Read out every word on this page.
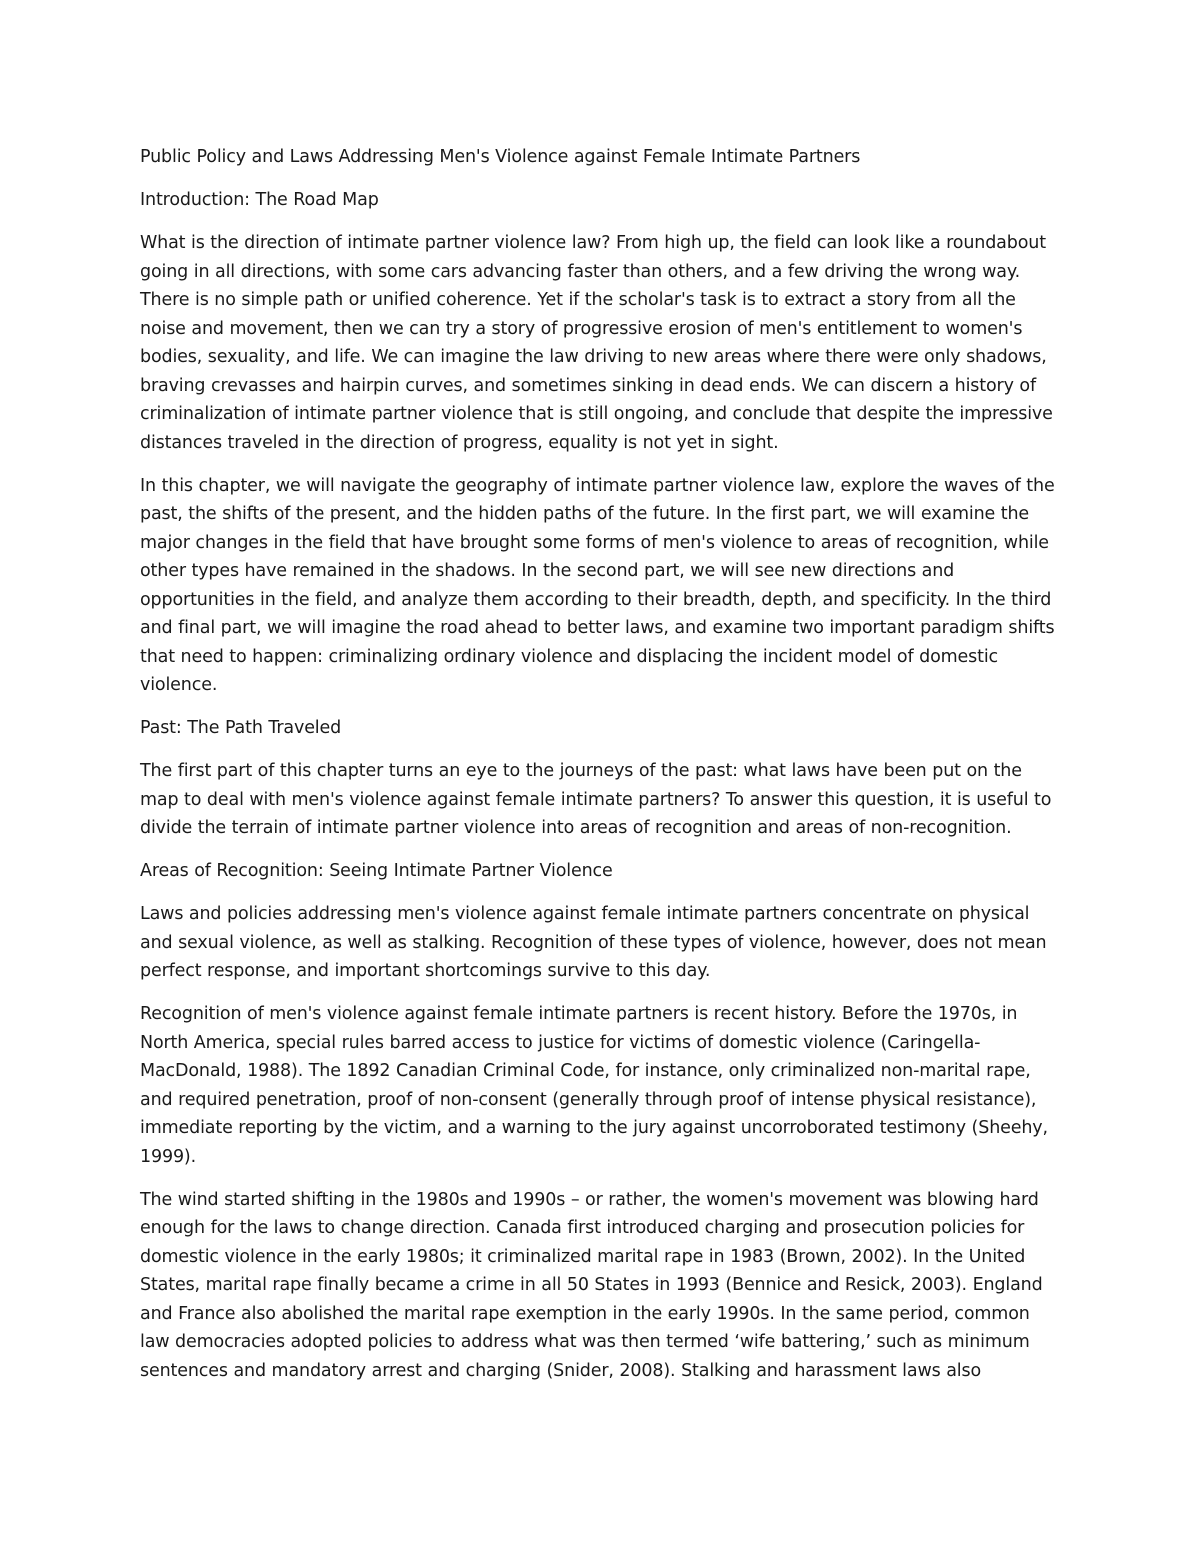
Public Policy and Laws Addressing Men's Violence against Female Intimate Partners

Introduction: The Road Map

What is the direction of intimate partner violence law? From high up, the field can look like a roundabout going in all directions, with some cars advancing faster than others, and a few driving the wrong way. There is no simple path or unified coherence. Yet if the scholar's task is to extract a story from all the noise and movement, then we can try a story of progressive erosion of men's entitlement to women's bodies, sexuality, and life. We can imagine the law driving to new areas where there were only shadows, braving crevasses and hairpin curves, and sometimes sinking in dead ends. We can discern a history of criminalization of intimate partner violence that is still ongoing, and conclude that despite the impressive distances traveled in the direction of progress, equality is not yet in sight.

In this chapter, we will navigate the geography of intimate partner violence law, explore the waves of the past, the shifts of the present, and the hidden paths of the future. In the first part, we will examine the major changes in the field that have brought some forms of men's violence to areas of recognition, while other types have remained in the shadows. In the second part, we will see new directions and opportunities in the field, and analyze them according to their breadth, depth, and specificity. In the third and final part, we will imagine the road ahead to better laws, and examine two important paradigm shifts that need to happen: criminalizing ordinary violence and displacing the incident model of domestic violence.

Past: The Path Traveled

The first part of this chapter turns an eye to the journeys of the past: what laws have been put on the map to deal with men's violence against female intimate partners? To answer this question, it is useful to divide the terrain of intimate partner violence into areas of recognition and areas of non-recognition.

Areas of Recognition: Seeing Intimate Partner Violence

Laws and policies addressing men's violence against female intimate partners concentrate on physical and sexual violence, as well as stalking. Recognition of these types of violence, however, does not mean perfect response, and important shortcomings survive to this day.

Recognition of men's violence against female intimate partners is recent history. Before the 1970s, in North America, special rules barred access to justice for victims of domestic violence (Caringella-MacDonald, 1988). The 1892 Canadian Criminal Code, for instance, only criminalized non-marital rape, and required penetration, proof of non-consent (generally through proof of intense physical resistance), immediate reporting by the victim, and a warning to the jury against uncorroborated testimony (Sheehy, 1999).

The wind started shifting in the 1980s and 1990s – or rather, the women's movement was blowing hard enough for the laws to change direction. Canada first introduced charging and prosecution policies for domestic violence in the early 1980s; it criminalized marital rape in 1983 (Brown, 2002). In the United States, marital rape finally became a crime in all 50 States in 1993 (Bennice and Resick, 2003). England and France also abolished the marital rape exemption in the early 1990s. In the same period, common law democracies adopted policies to address what was then termed ‘wife battering,’ such as minimum sentences and mandatory arrest and charging (Snider, 2008). Stalking and harassment laws also
